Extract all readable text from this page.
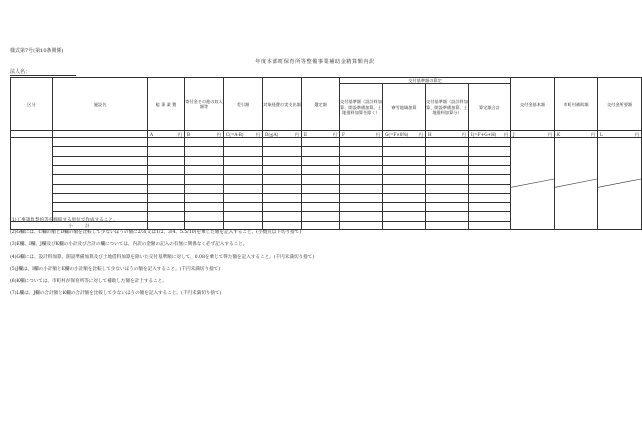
様式第7号(第10条関係)
年度本部町保育所等整備事業補助金精算額内訳
法人名：
区分	施設名	総 事 業 費	寄付金その他の収入額等	差引額	対象経費の実支出額	選定額	交付基準額の算定				交付金基本額	市町村補助額	交付金所要額
							交付基準額（設計料加算、開設準備加算、土地借料加算を除く）	寮雪地域加算	交付基準額（設計料加算、開設準備加算、土地借料加算分）	算定額合計			

		A 円	B 円	C(=A-B) 円	D(≦A) 円	E 円	F 円	G(=F×8%) 円	H 円	I(=F+G+H) 円	J 円	K 円	L 円

小　　　計													
(1)工事請負契約等を締結する単位で作成すること。
(2)G欄には、C欄の額とD欄の額を比較して少ないほうの額に2/3(又は1/2、3/4、5.5/10)を乗じた額を記入すること。(小数点以下切り捨て)
(3)E欄、I欄、J欄及びK欄の小計及び合計の欄については、内訳の金額の記入の有無に関係なく必ず記入すること。
(4)G欄には、設計料加算、開設準備加算及び土地借料加算を除いた交付基準額に対して、0.08を乗じて得た額を記入すること。(千円未満切り捨て)
(5)J欄は、I欄の小計額とE欄の小計額を比較して少ないほうの額を記入すること。(千円未満切り捨て)
(6)K欄については、市町村が保育所等に対して補助した額を計上すること。
(7)L欄は、J欄の合計額とK欄の合計額を比較して少ないほうの額を記入すること。(千円未満切り捨て)
